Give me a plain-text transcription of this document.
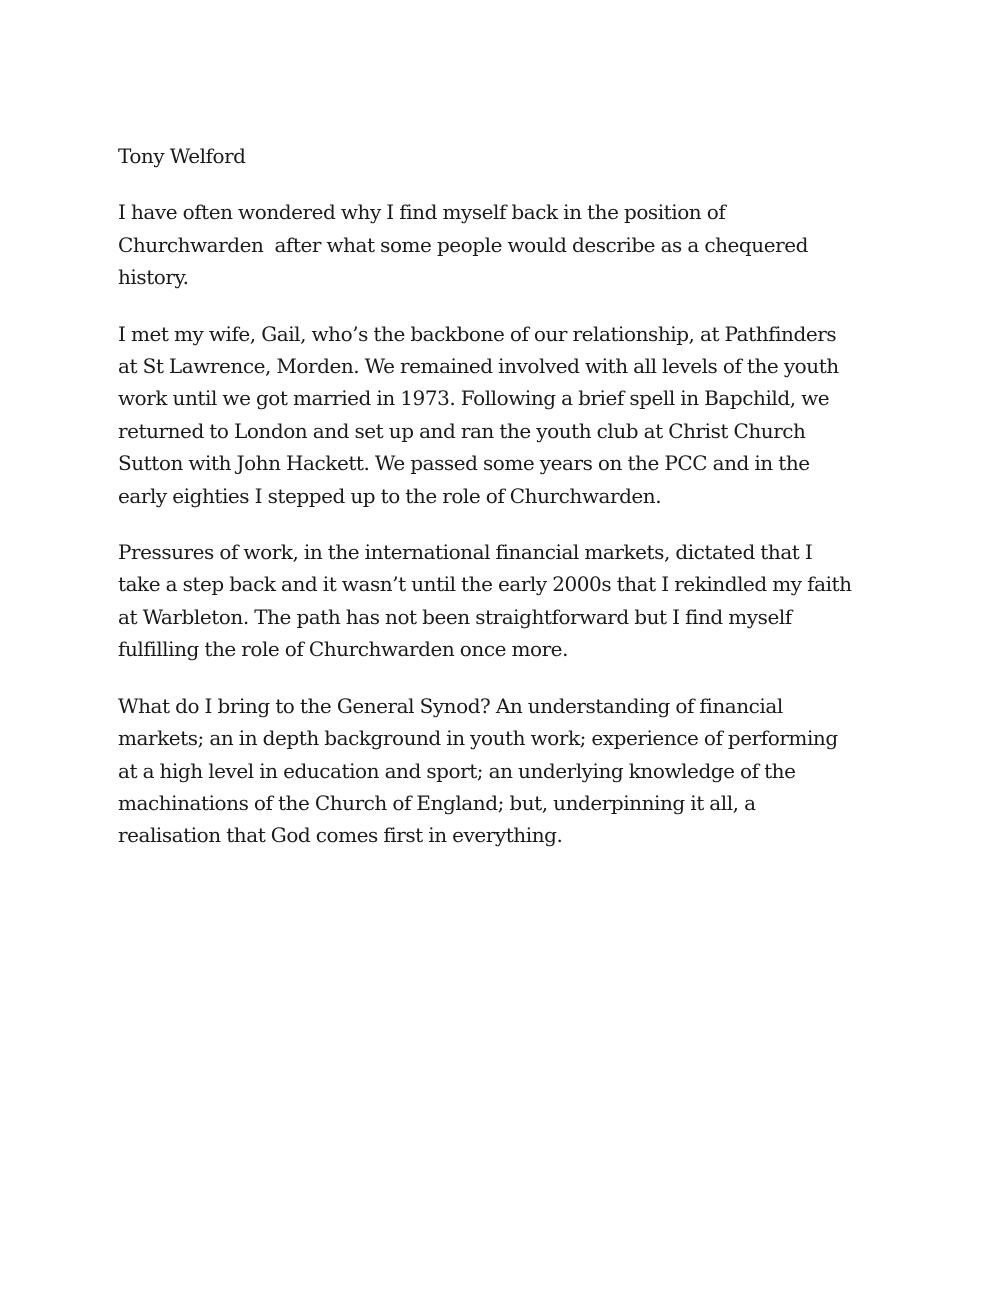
Tony Welford

I have often wondered why I find myself back in the position of
Churchwarden  after what some people would describe as a chequered
history.

I met my wife, Gail, who’s the backbone of our relationship, at Pathfinders
at St Lawrence, Morden. We remained involved with all levels of the youth
work until we got married in 1973. Following a brief spell in Bapchild, we
returned to London and set up and ran the youth club at Christ Church
Sutton with John Hackett. We passed some years on the PCC and in the
early eighties I stepped up to the role of Churchwarden.

Pressures of work, in the international financial markets, dictated that I
take a step back and it wasn’t until the early 2000s that I rekindled my faith
at Warbleton. The path has not been straightforward but I find myself
fulfilling the role of Churchwarden once more.

What do I bring to the General Synod? An understanding of financial
markets; an in depth background in youth work; experience of performing
at a high level in education and sport; an underlying knowledge of the
machinations of the Church of England; but, underpinning it all, a
realisation that God comes first in everything.
